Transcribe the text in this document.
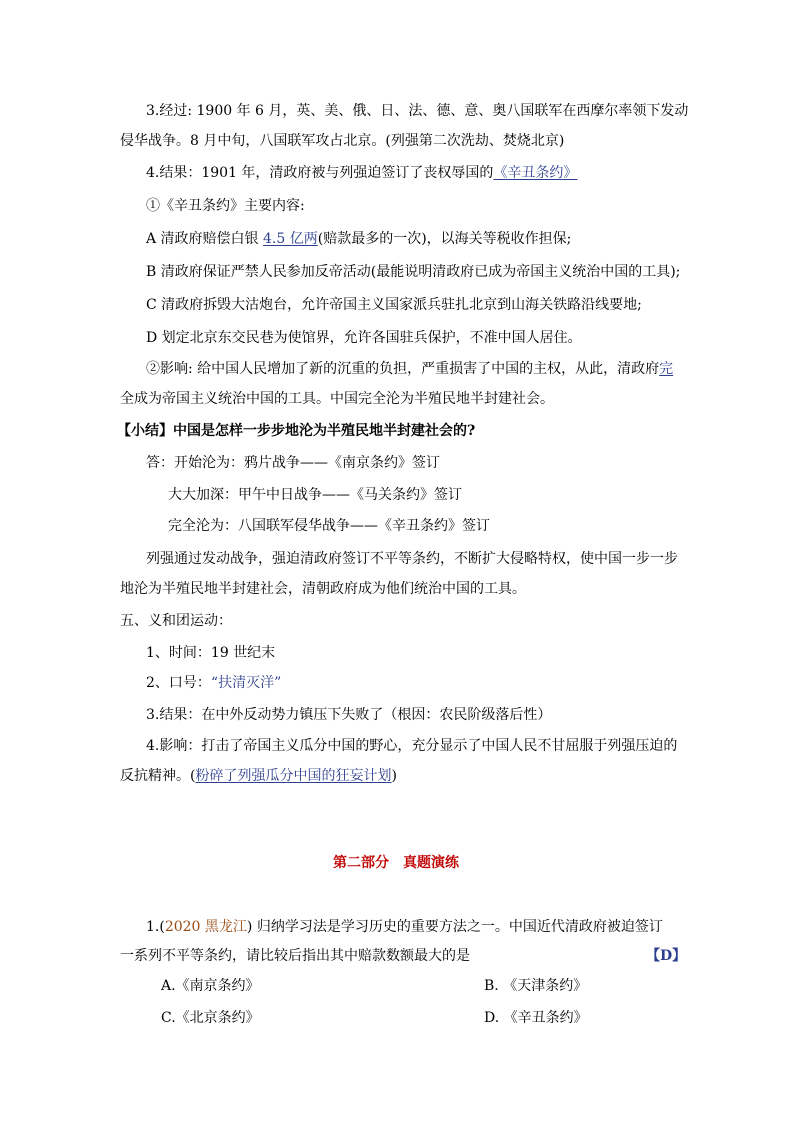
3.经过: 1900 年 6 月，英、美、俄、日、法、德、意、奥八国联军在西摩尔率领下发动
侵华战争。8 月中旬，八国联军攻占北京。(列强第二次洗劫、焚烧北京)
4.结果：1901 年，清政府被与列强迫签订了丧权辱国的《辛丑条约》
①《辛丑条约》主要内容:
A 清政府赔偿白银 4.5 亿两(赔款最多的一次)，以海关等税收作担保;
B 清政府保证严禁人民参加反帝活动(最能说明清政府已成为帝国主义统治中国的工具);
C 清政府拆毁大沽炮台，允许帝国主义国家派兵驻扎北京到山海关铁路沿线要地;
D 划定北京东交民巷为使馆界，允许各国驻兵保护，不准中国人居住。
②影响: 给中国人民增加了新的沉重的负担，严重损害了中国的主权，从此，清政府完
全成为帝国主义统治中国的工具。中国完全沦为半殖民地半封建社会。
【小结】中国是怎样一步步地沦为半殖民地半封建社会的?
答：开始沦为：鸦片战争——《南京条约》签订
大大加深：甲午中日战争——《马关条约》签订
完全沦为：八国联军侵华战争——《辛丑条约》签订
列强通过发动战争，强迫清政府签订不平等条约，不断扩大侵略特权，使中国一步一步
地沦为半殖民地半封建社会，清朝政府成为他们统治中国的工具。
五、义和团运动：
1、时间：19 世纪末
2、口号：“扶清灭洋”
3.结果：在中外反动势力镇压下失败了（根因：农民阶级落后性）
4.影响：打击了帝国主义瓜分中国的野心，充分显示了中国人民不甘屈服于列强压迫的
反抗精神。(粉碎了列强瓜分中国的狂妄计划)
第二部分　真题演练
1.(2020 黑龙江) 归纳学习法是学习历史的重要方法之一。中国近代清政府被迫签订
一系列不平等条约，请比较后指出其中赔款数额最大的是	【D】
A.《南京条约》	B. 《天津条约》
C.《北京条约》	D. 《辛丑条约》
